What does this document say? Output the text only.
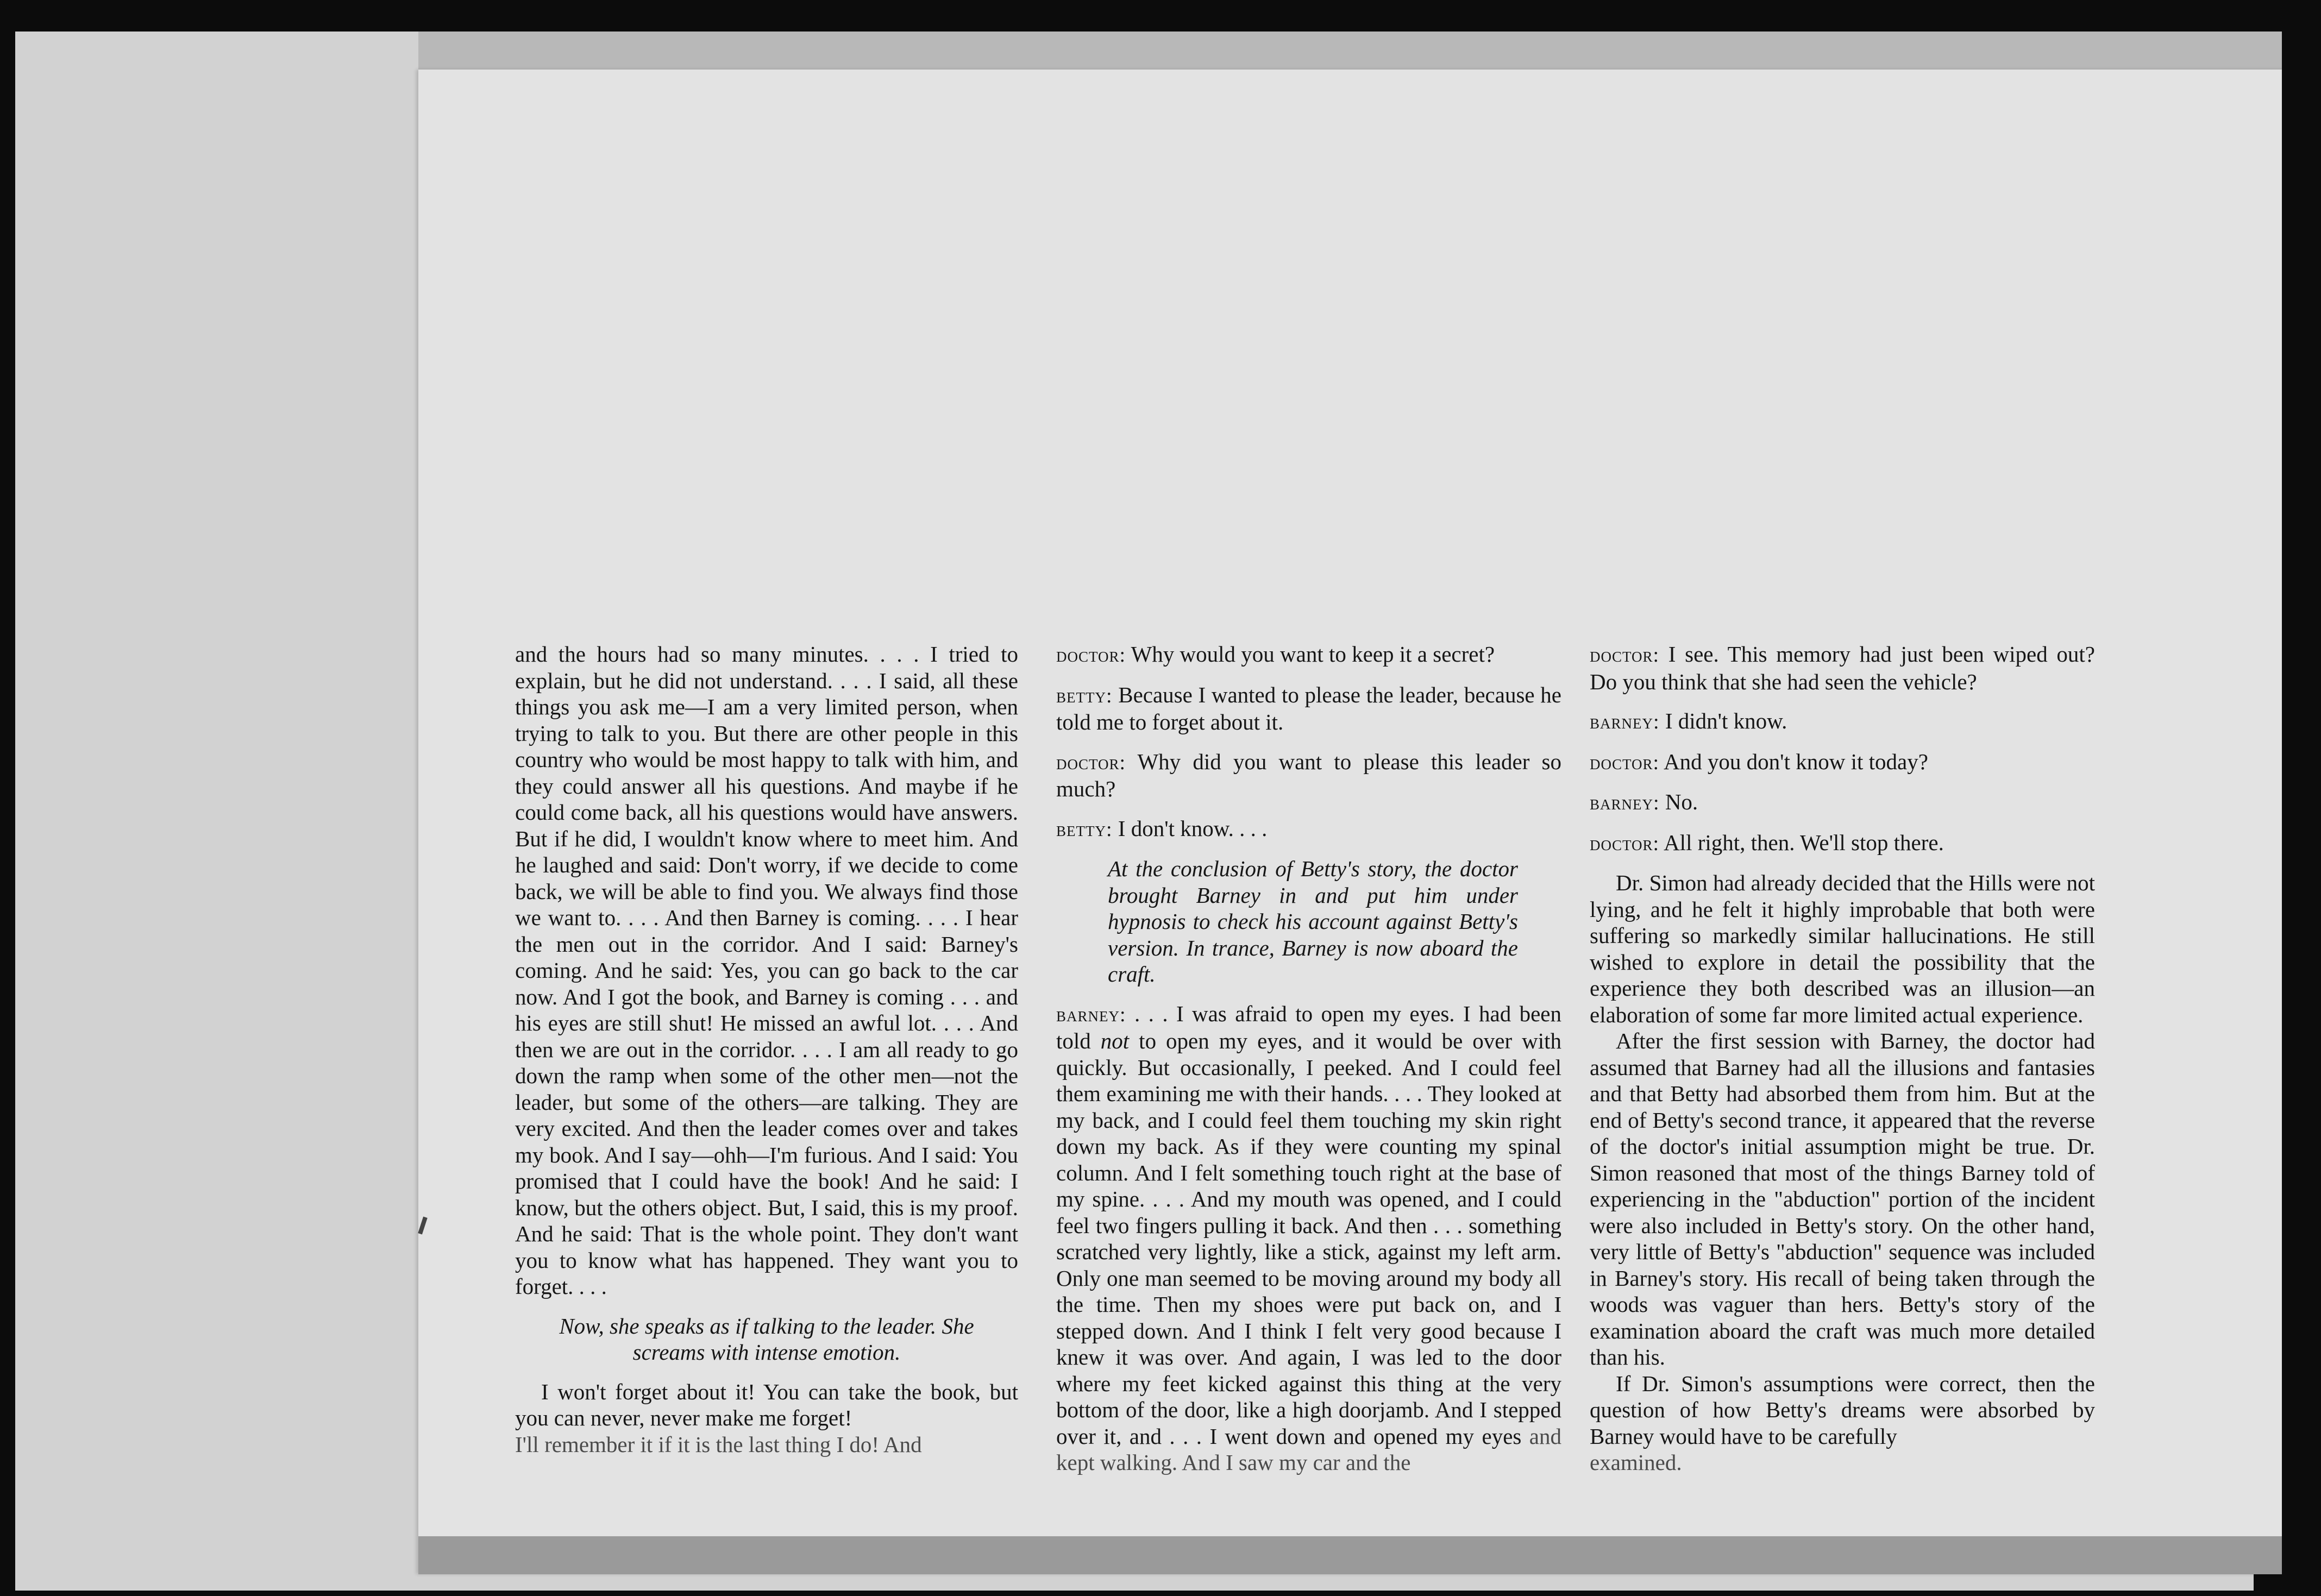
and the hours had so many minutes. . . . I tried to explain, but he did not understand. . . . I said, all these things you ask me—I am a very limited person, when trying to talk to you. But there are other people in this country who would be most happy to talk with him, and they could answer all his questions. And maybe if he could come back, all his questions would have answers. But if he did, I wouldn't know where to meet him. And he laughed and said: Don't worry, if we decide to come back, we will be able to find you. We always find those we want to. . . . And then Barney is coming. . . . I hear the men out in the corridor. And I said: Barney's coming. And he said: Yes, you can go back to the car now. And I got the book, and Barney is coming . . . and his eyes are still shut! He missed an awful lot. . . . And then we are out in the corridor. . . . I am all ready to go down the ramp when some of the other men—not the leader, but some of the others—are talking. They are very excited. And then the leader comes over and takes my book. And I say—ohh—I'm furious. And I said: You promised that I could have the book! And he said: I know, but the others object. But, I said, this is my proof. And he said: That is the whole point. They don't want you to know what has happened. They want you to forget. . . .

Now, she speaks as if talking to the leader. She screams with intense emotion.

I won't forget about it! You can take the book, but you can never, never make me forget!

I'll remember it if it is the last thing I do! And

doctor: Why would you want to keep it a secret?

betty: Because I wanted to please the leader, because he told me to forget about it.

doctor: Why did you want to please this leader so much?

betty: I don't know. . . .

At the conclusion of Betty's story, the doctor brought Barney in and put him under hypnosis to check his account against Betty's version. In trance, Barney is now aboard the craft.

barney: . . . I was afraid to open my eyes. I had been told not to open my eyes, and it would be over with quickly. But occasionally, I peeked. And I could feel them examining me with their hands. . . . They looked at my back, and I could feel them touching my skin right down my back. As if they were counting my spinal column. And I felt something touch right at the base of my spine. . . . And my mouth was opened, and I could feel two fingers pulling it back. And then . . . something scratched very lightly, like a stick, against my left arm. Only one man seemed to be moving around my body all the time. Then my shoes were put back on, and I stepped down. And I think I felt very good because I knew it was over. And again, I was led to the door where my feet kicked against this thing at the very bottom of the door, like a high doorjamb. And I stepped over it, and . . . I went down and opened my eyes and kept walking. And I saw my car and the

doctor: I see. This memory had just been wiped out? Do you think that she had seen the vehicle?

barney: I didn't know.

doctor: And you don't know it today?

barney: No.

doctor: All right, then. We'll stop there.

Dr. Simon had already decided that the Hills were not lying, and he felt it highly improbable that both were suffering so markedly similar hallucinations. He still wished to explore in detail the possibility that the experience they both described was an illusion—an elaboration of some far more limited actual experience.

After the first session with Barney, the doctor had assumed that Barney had all the illusions and fantasies and that Betty had absorbed them from him. But at the end of Betty's second trance, it appeared that the reverse of the doctor's initial assumption might be true. Dr. Simon reasoned that most of the things Barney told of experiencing in the "abduction" portion of the incident were also included in Betty's story. On the other hand, very little of Betty's "abduction" sequence was included in Barney's story. His recall of being taken through the woods was vaguer than hers. Betty's story of the examination aboard the craft was much more detailed than his.

If Dr. Simon's assumptions were correct, then the question of how Betty's dreams were absorbed by Barney would have to be carefully

examined.
